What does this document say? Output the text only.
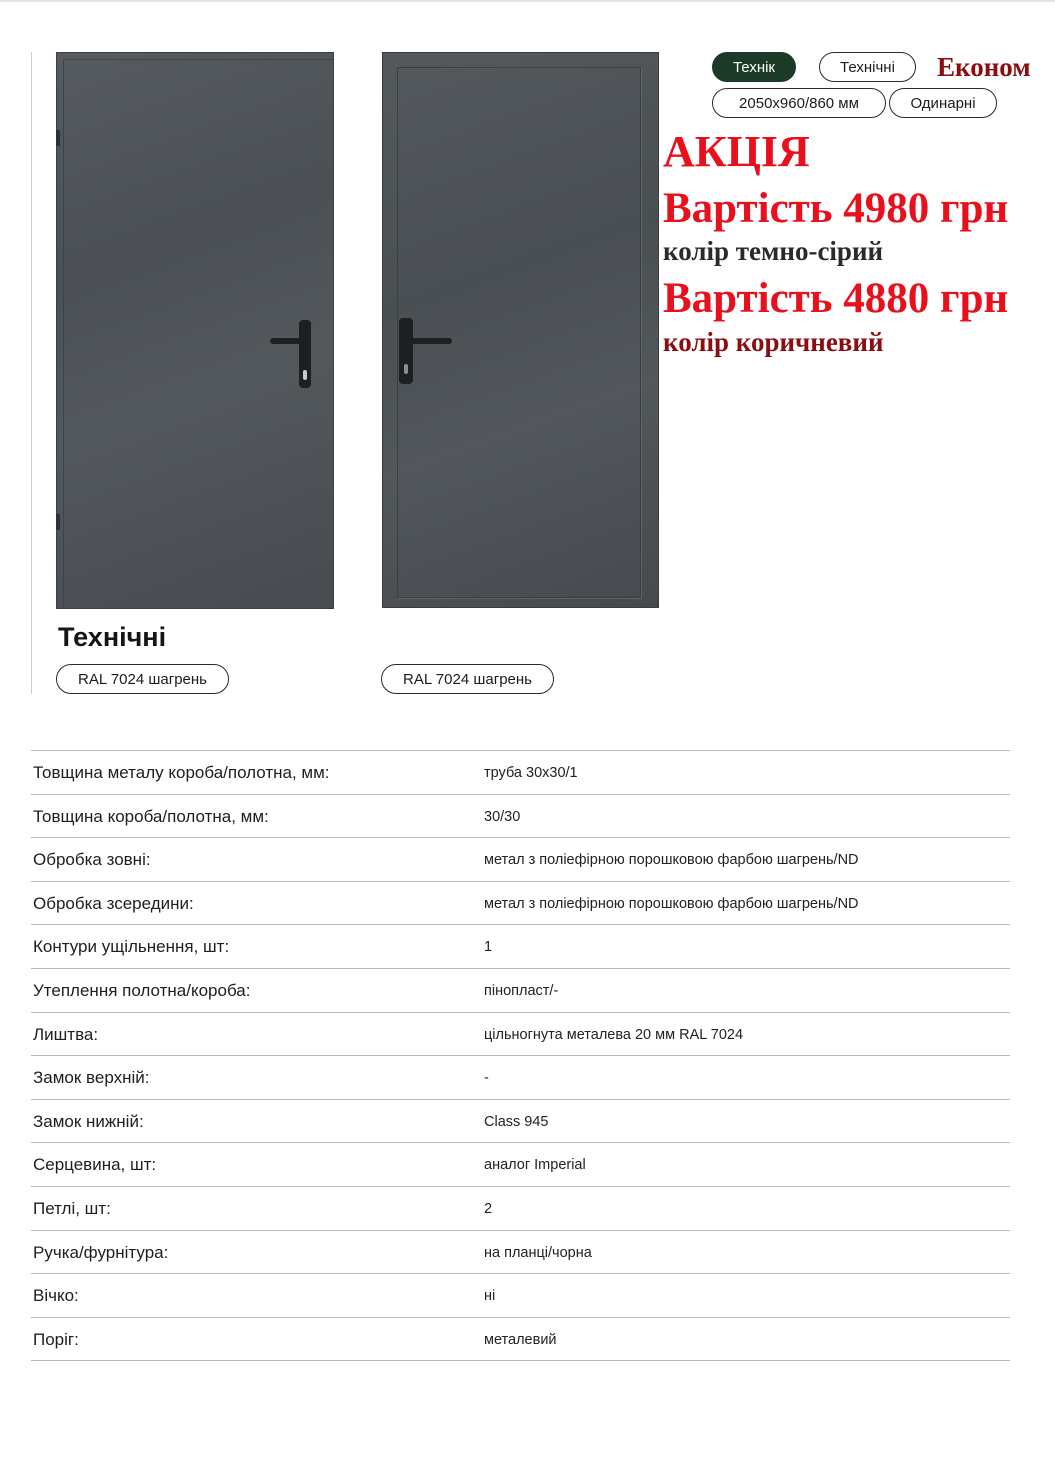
Технік	Технічні	Економ
2050x960/860 мм	Одинарні
АКЦІЯ
Вартість 4980 грн
колір темно-сірий
Вартість 4880 грн
колір коричневий
Технічні
RAL 7024 шагрень	RAL 7024 шагрень
Товщина металу короба/полотна, мм:	труба 30х30/1
Товщина короба/полотна, мм:	30/30
Обробка зовні:	метал з поліефірною порошковою фарбою шагрень/ND
Обробка зсередини:	метал з поліефірною порошковою фарбою шагрень/ND
Контури ущільнення, шт:	1
Утеплення полотна/короба:	пінопласт/-
Лиштва:	цільногнута металева 20 мм RAL 7024
Замок верхній:	-
Замок нижній:	Class 945
Серцевина, шт:	аналог Imperial
Петлі, шт:	2
Ручка/фурнітура:	на планці/чорна
Вічко:	ні
Поріг:	металевий
